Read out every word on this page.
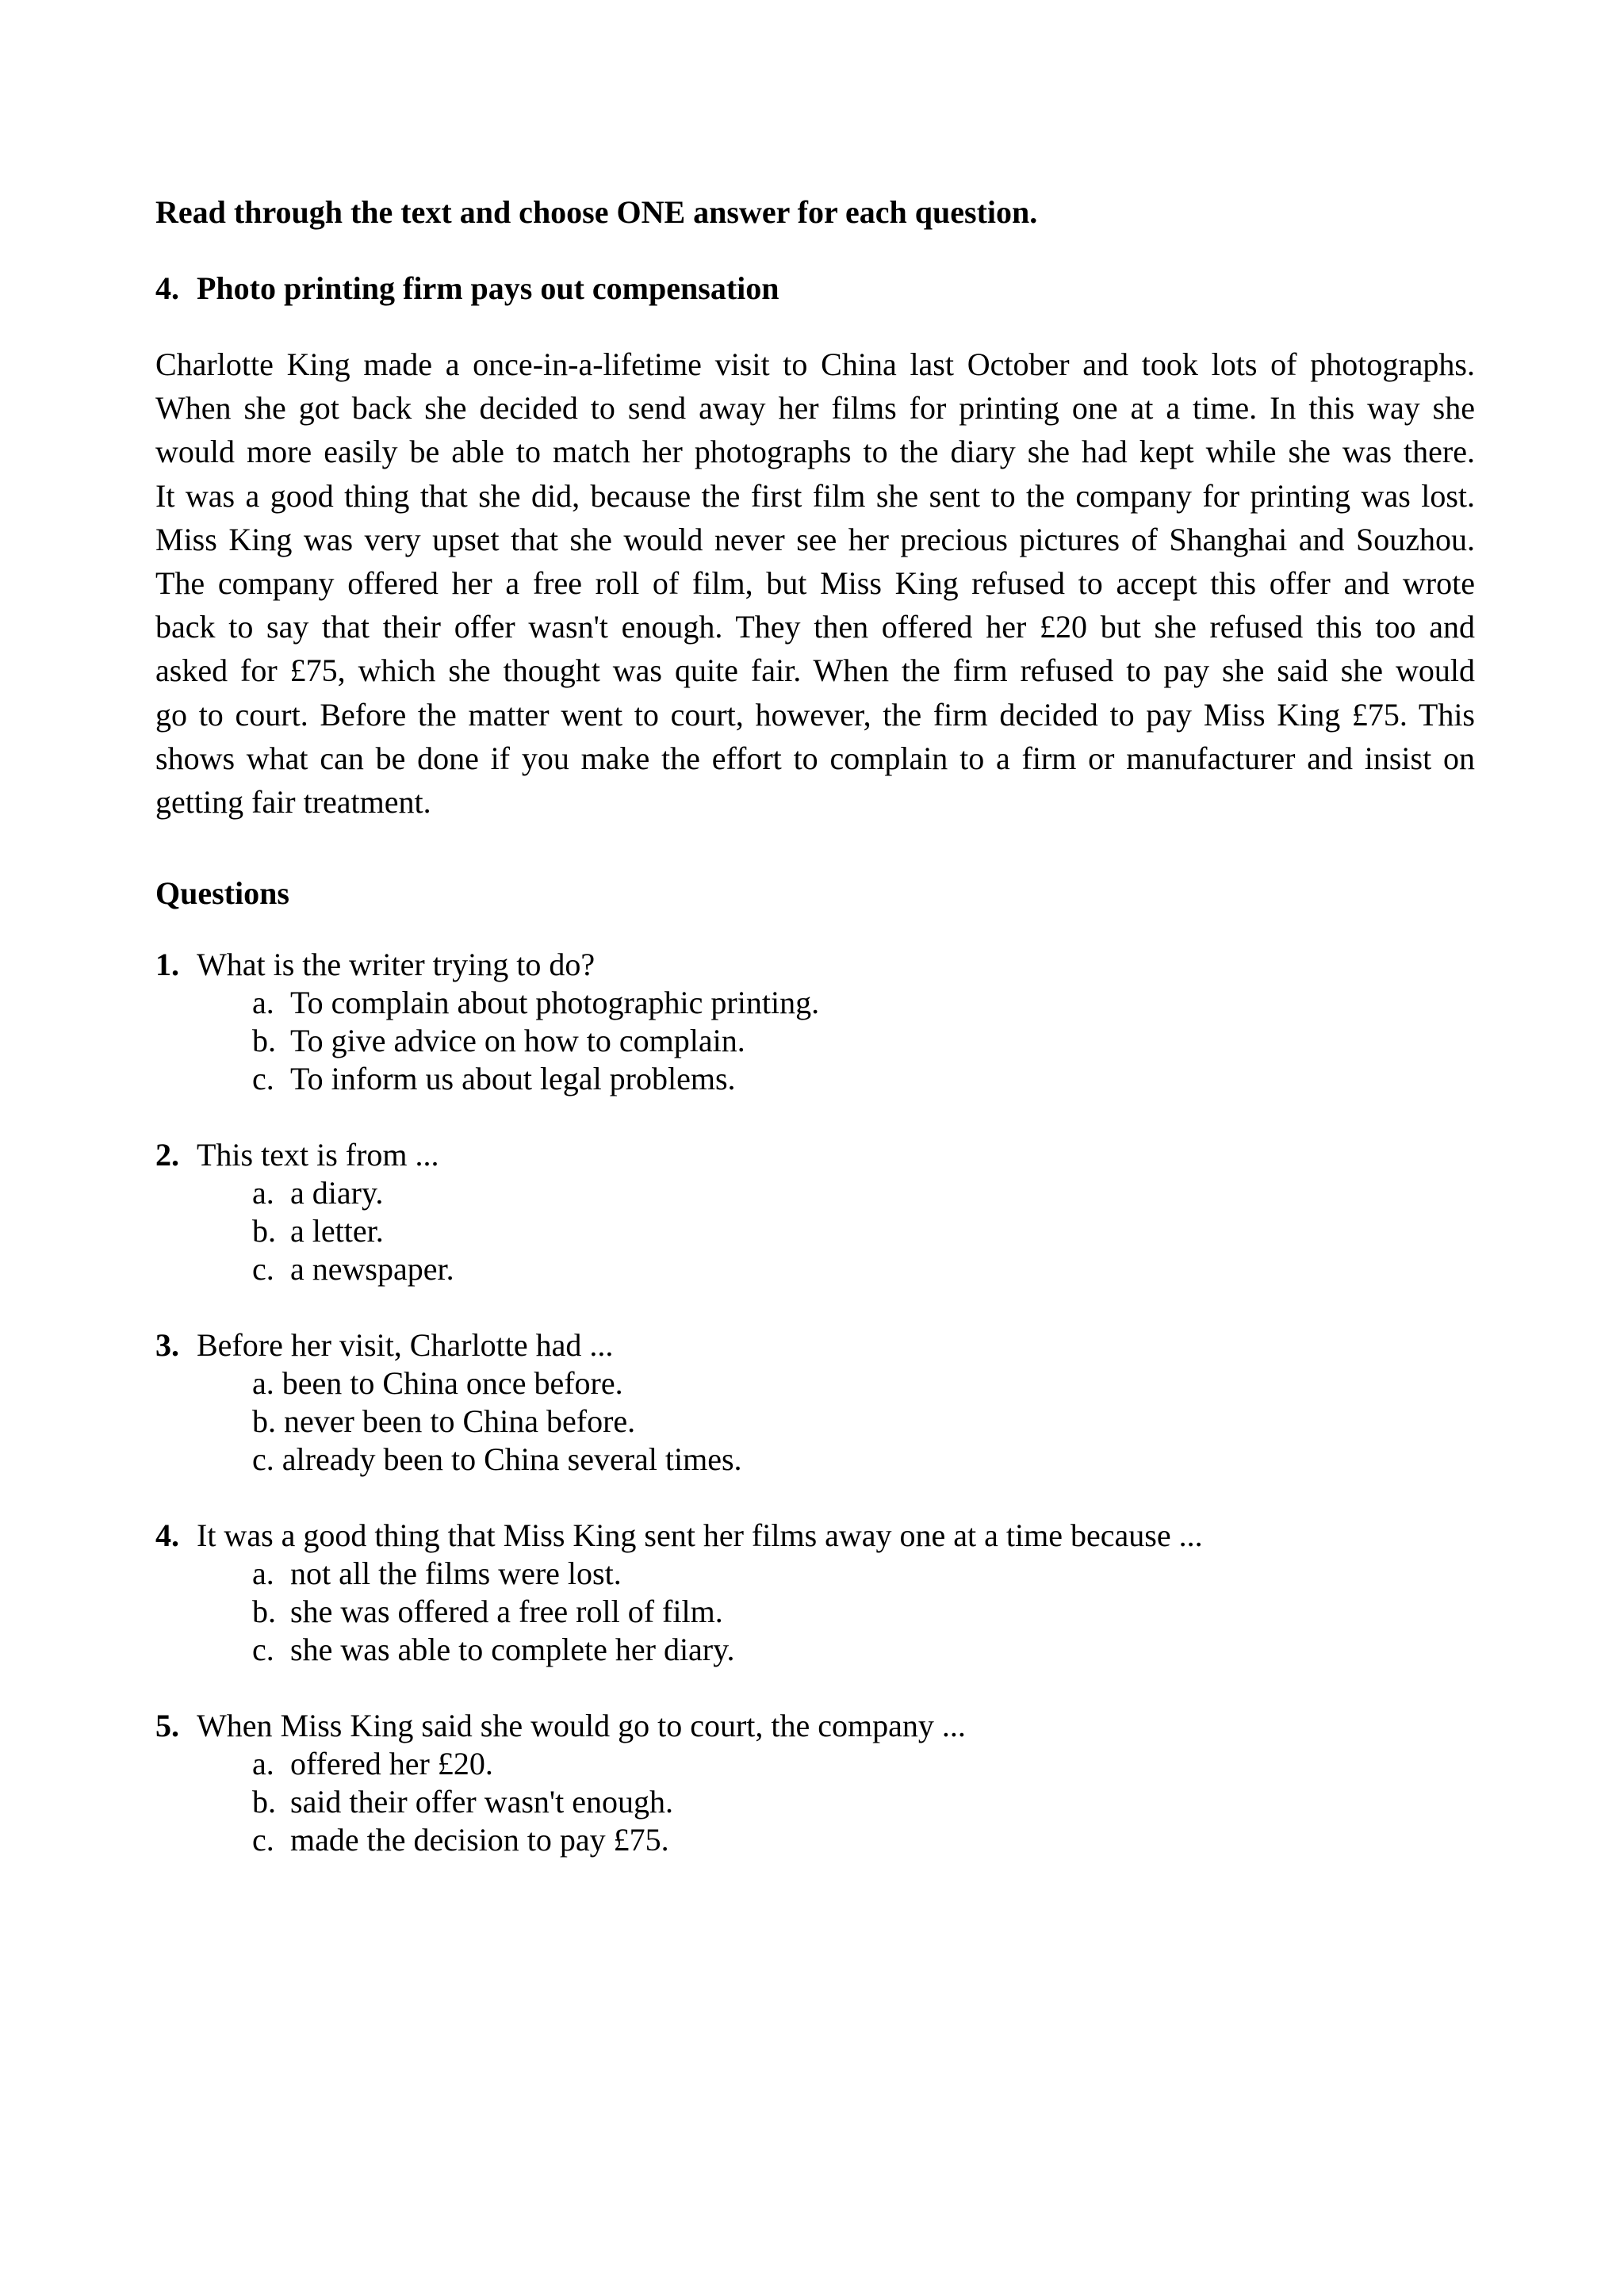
Read through the text and choose ONE answer for each question.
4. Photo printing firm pays out compensation
Charlotte King made a once-in-a-lifetime visit to China last October and took lots of photographs.
When she got back she decided to send away her films for printing one at a time. In this way she
would more easily be able to match her photographs to the diary she had kept while she was there.
It was a good thing that she did, because the first film she sent to the company for printing was lost.
Miss King was very upset that she would never see her precious pictures of Shanghai and Souzhou.
The company offered her a free roll of film, but Miss King refused to accept this offer and wrote
back to say that their offer wasn't enough. They then offered her £20 but she refused this too and
asked for £75, which she thought was quite fair. When the firm refused to pay she said she would
go to court. Before the matter went to court, however, the firm decided to pay Miss King £75. This
shows what can be done if you make the effort to complain to a firm or manufacturer and insist on
getting fair treatment.
Questions
1. What is the writer trying to do?
a. To complain about photographic printing.
b. To give advice on how to complain.
c. To inform us about legal problems.
2. This text is from ...
a. a diary.
b. a letter.
c. a newspaper.
3. Before her visit, Charlotte had ...
a. been to China once before.
b. never been to China before.
c. already been to China several times.
4. It was a good thing that Miss King sent her films away one at a time because ...
a. not all the films were lost.
b. she was offered a free roll of film.
c. she was able to complete her diary.
5. When Miss King said she would go to court, the company ...
a. offered her £20.
b. said their offer wasn't enough.
c. made the decision to pay £75.
